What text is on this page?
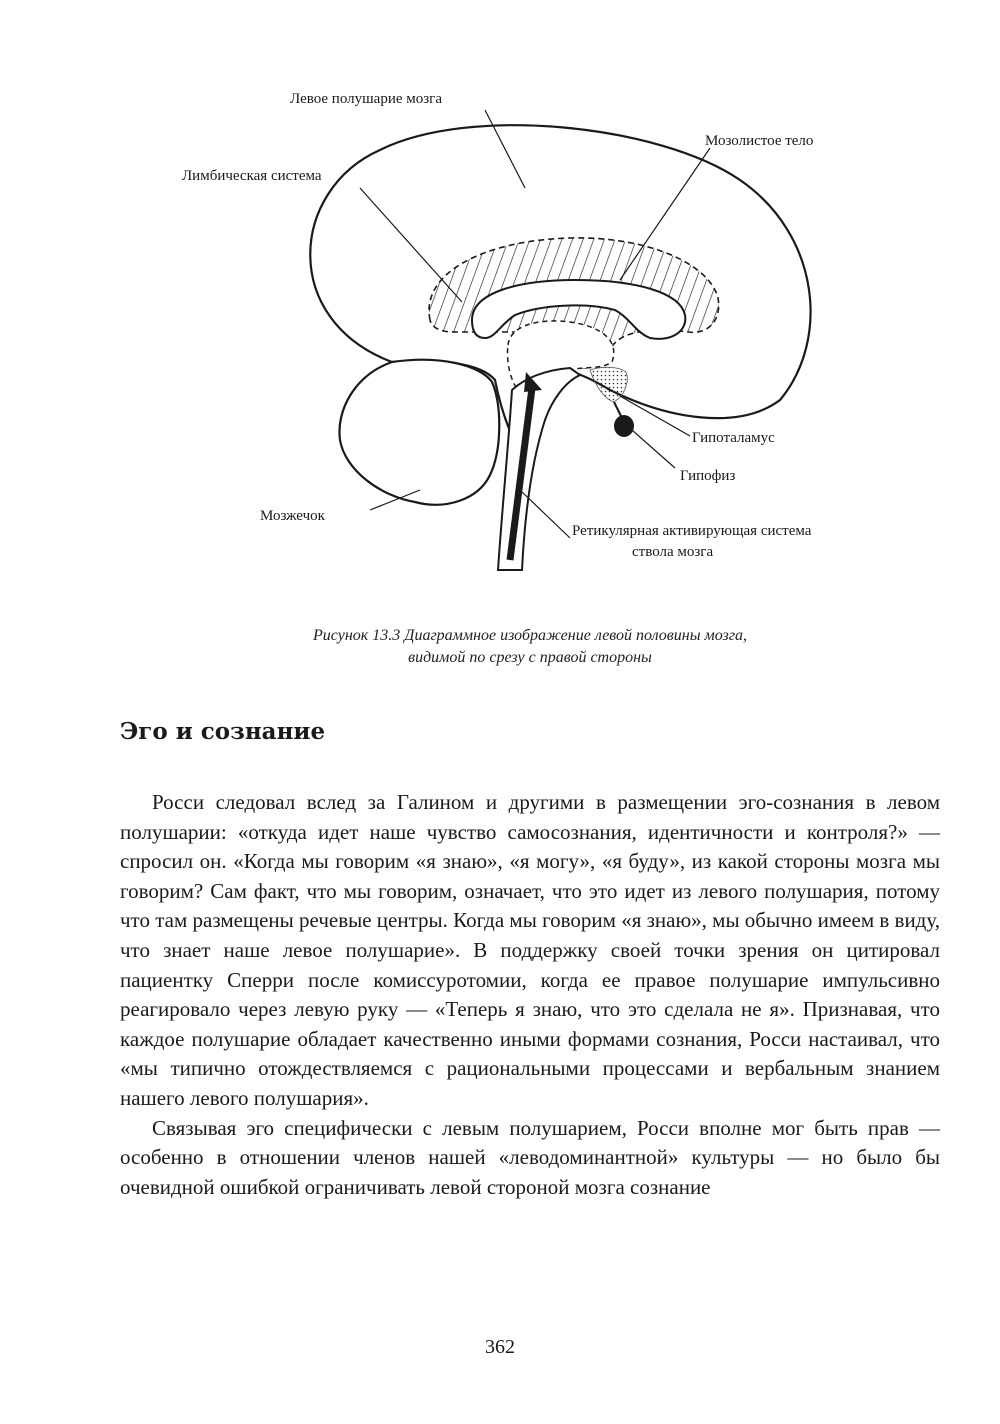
Левое полушарие мозга
Мозолистое тело
Лимбическая система
Гипоталамус
Гипофиз
Мозжечок
Ретикулярная активирующая система
ствола мозга
Рисунок 13.3 Диаграммное изображение левой половины мозга,
видимой по срезу с правой стороны
Эго и сознание

Росси следовал вслед за Галином и другими в размещении эго-сознания в левом полушарии: «откуда идет наше чувство самосознания, идентичности и контроля?» — спросил он. «Когда мы говорим «я знаю», «я могу», «я буду», из какой стороны мозга мы говорим? Сам факт, что мы говорим, означает, что это идет из левого полушария, потому что там размещены речевые центры. Когда мы говорим «я знаю», мы обычно имеем в виду, что знает наше левое полушарие». В поддержку своей точки зрения он цитировал пациентку Сперри после комиссуротомии, когда ее правое полушарие импульсивно реагировало через левую руку — «Теперь я знаю, что это сделала не я». Признавая, что каждое полушарие обладает качественно иными формами сознания, Росси настаивал, что «мы типично отождествляемся с рациональными процессами и вербальным знанием нашего левого полушария».

Связывая эго специфически с левым полушарием, Росси вполне мог быть прав — особенно в отношении членов нашей «леводоминантной» культуры — но было бы очевидной ошибкой ограничивать левой стороной мозга сознание

362
